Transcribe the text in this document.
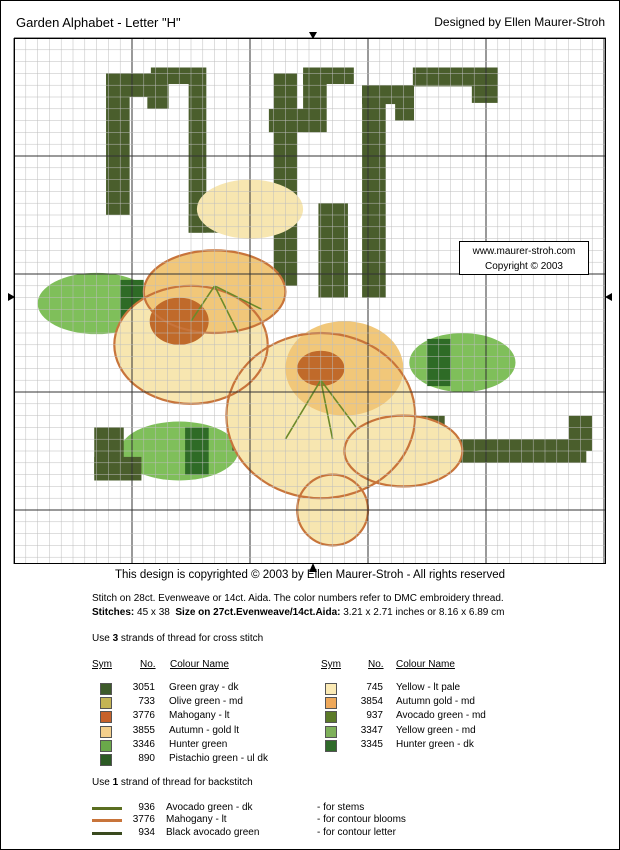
Garden Alphabet - Letter "H"	Designed by Ellen Maurer-Stroh
www.maurer-stroh.com
Copyright © 2003
This design is copyrighted © 2003 by Ellen Maurer-Stroh - All rights reserved
Stitch on 28ct. Evenweave or 14ct. Aida. The color numbers refer to DMC embroidery thread.
Stitches: 45 x 38 Size on 27ct.Evenweave/14ct.Aida: 3.21 x 2.71 inches or 8.16 x 6.89 cm
Use 3 strands of thread for cross stitch
Sym	No. Colour Name	Sym	No. Colour Name
3051 Green gray - dk
733 Olive green - md
3776 Mahogany - lt
3855 Autumn - gold lt
3346 Hunter green
890 Pistachio green - ul dk
745 Yellow - lt pale
3854 Autumn gold - md
937 Avocado green - md
3347 Yellow green - md
3345 Hunter green - dk
Use 1 strand of thread for backstitch
936 Avocado green - dk	- for stems
3776 Mahogany - lt	- for contour blooms
934 Black avocado green	- for contour letter
